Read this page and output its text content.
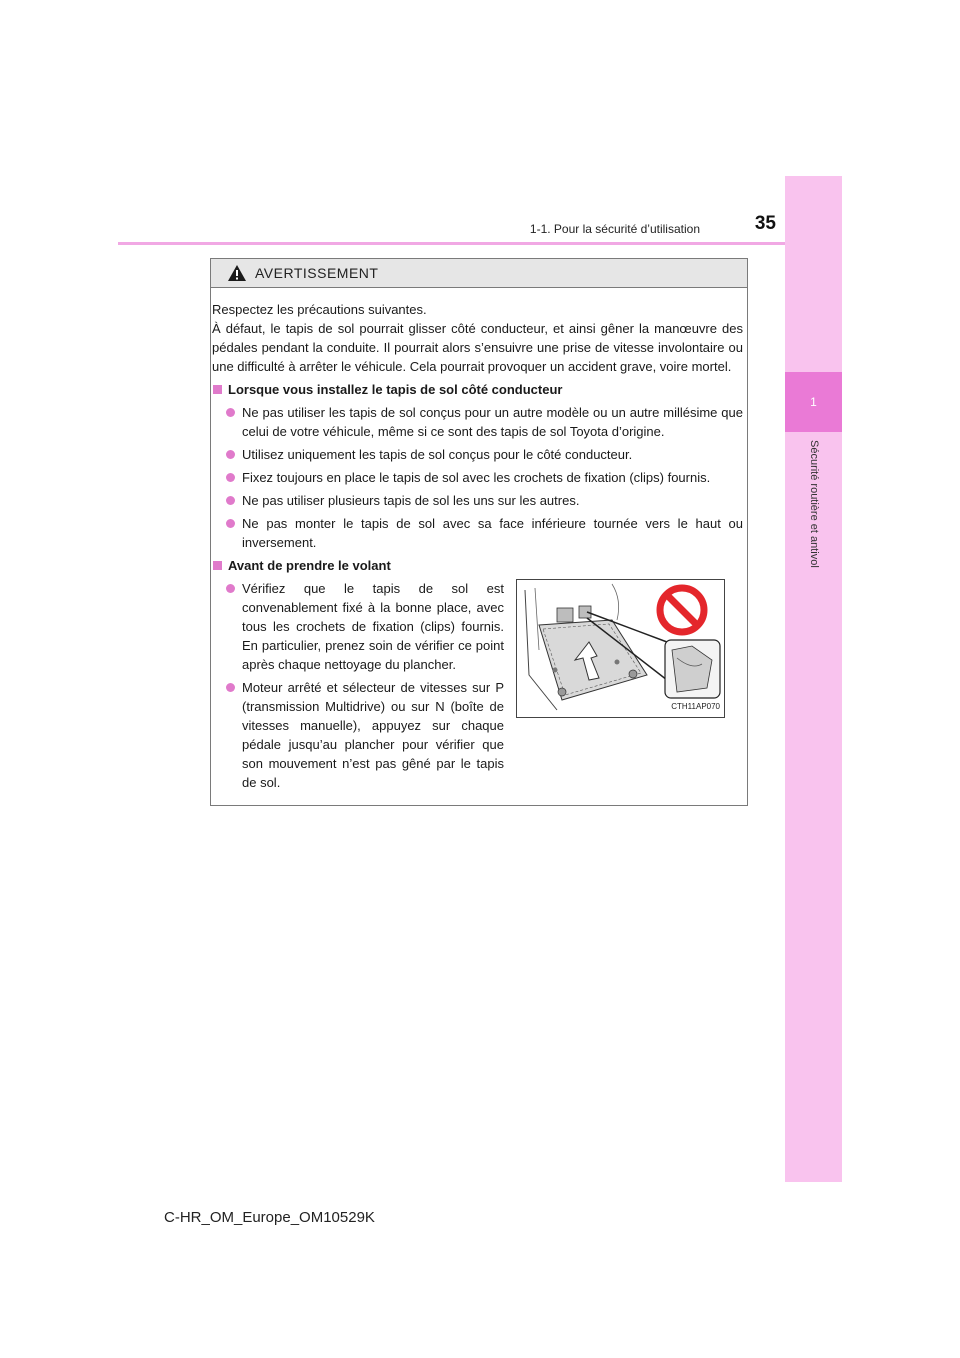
1
Sécurité routière et antivol
1-1. Pour la sécurité d’utilisation	35
AVERTISSEMENT

Respectez les précautions suivantes.
À défaut, le tapis de sol pourrait glisser côté conducteur, et ainsi gêner la manœuvre des pédales pendant la conduite. Il pourrait alors s’ensuivre une prise de vitesse involontaire ou une difficulté à arrêter le véhicule. Cela pourrait provoquer un accident grave, voire mortel.

Lorsque vous installez le tapis de sol côté conducteur
Ne pas utiliser les tapis de sol conçus pour un autre modèle ou un autre millésime que celui de votre véhicule, même si ce sont des tapis de sol Toyota d’origine.
Utilisez uniquement les tapis de sol conçus pour le côté conducteur.
Fixez toujours en place le tapis de sol avec les crochets de fixation (clips) fournis.
Ne pas utiliser plusieurs tapis de sol les uns sur les autres.
Ne pas monter le tapis de sol avec sa face inférieure tournée vers le haut ou inversement.
Avant de prendre le volant
Vérifiez que le tapis de sol est convenablement fixé à la bonne place, avec tous les crochets de fixation (clips) fournis. En particulier, prenez soin de vérifier ce point après chaque nettoyage du plancher.
Moteur arrêté et sélecteur de vitesses sur P (transmission Multidrive) ou sur N (boîte de vitesses manuelle), appuyez sur chaque pédale jusqu’au plancher pour vérifier que son mouvement n’est pas gêné par le tapis de sol.
CTH11AP070
C-HR_OM_Europe_OM10529K
